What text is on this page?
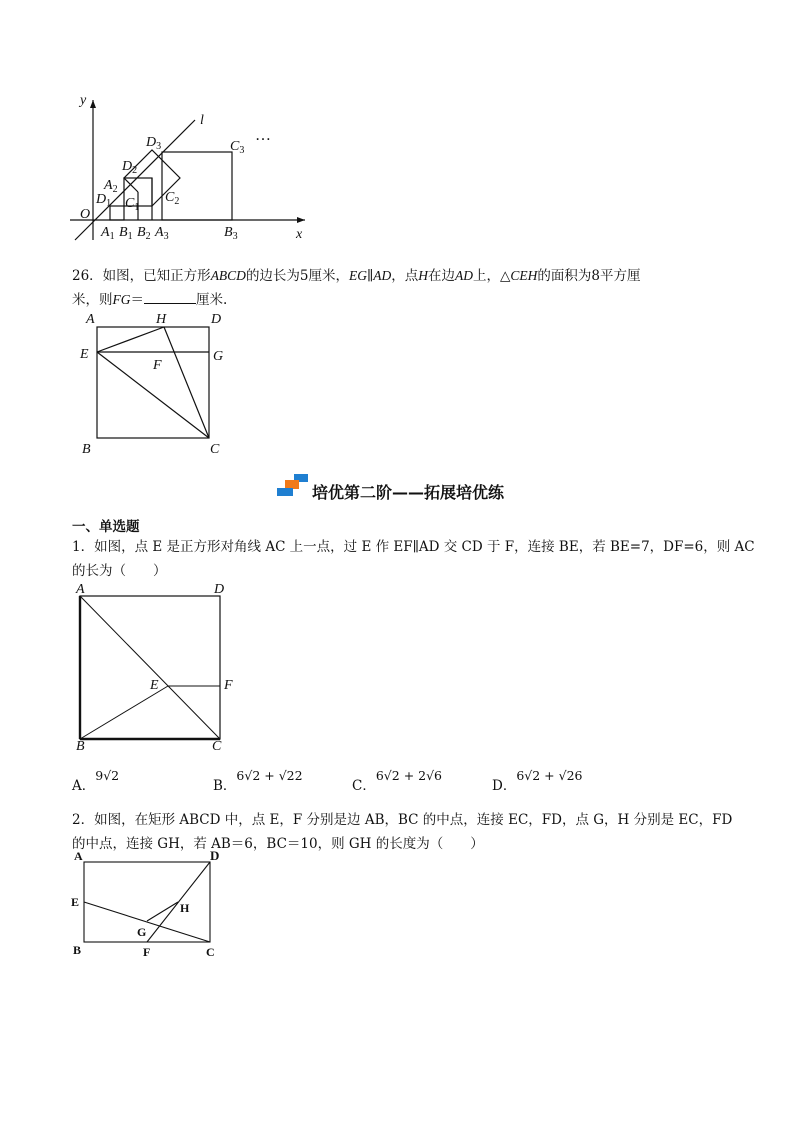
y
x
O
l
…
$D_1$
$A_2$
$C_1$
$D_2$
$C_2$
$D_3$	$C_3$
$A_1$ $B_1$ $B_2$ $A_3$	$B_3$
26．如图，已知正方形ABCD的边长为5厘米，EG∥AD，点H在边AD上，△CEH的面积为8平方厘
米，则FG＝	厘米.
A	H	D
E	G
F
B	C
培优第二阶——拓展培优练
一、单选题
1．如图，点 E 是正方形对角线 AC 上一点，过 E 作 EF∥AD 交 CD 于 F，连接 BE，若 BE=7，DF=6，则 AC
的长为（　　）
A	D
E	F
B	C
A．9√2
B．6√2 + √22
C．6√2 + 2√6
D．6√2 + √26
2．如图，在矩形 ABCD 中，点 E，F 分别是边 AB，BC 的中点，连接 EC，FD，点 G，H 分别是 EC，FD
的中点，连接 GH，若 AB＝6，BC＝10，则 GH 的长度为（　　）
A	D
E	H
G
B	F	C
